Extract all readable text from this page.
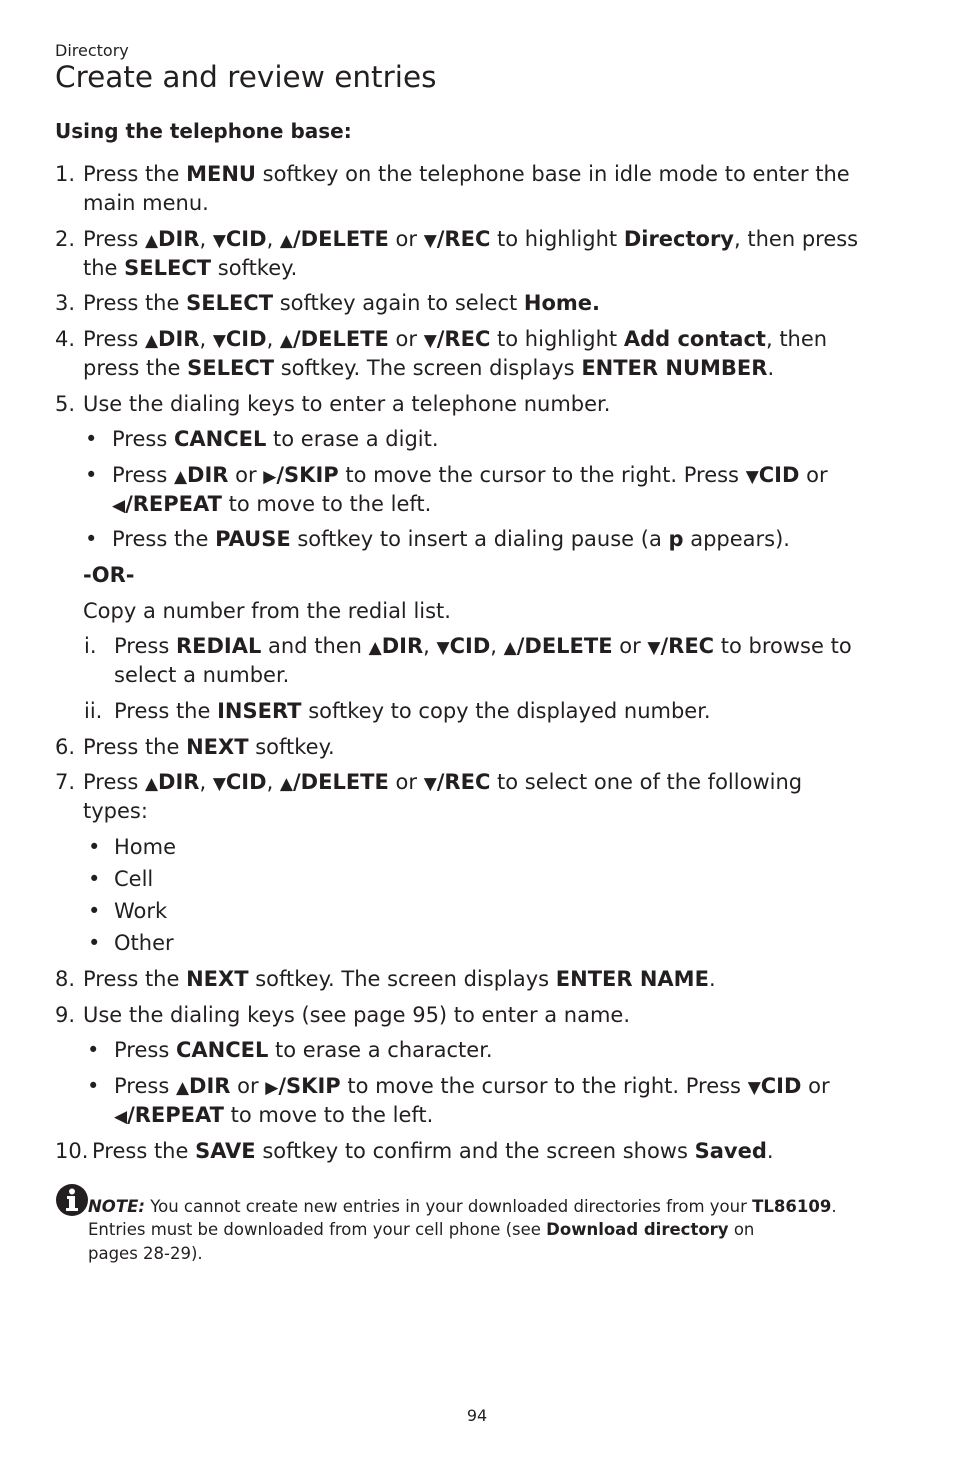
Directory
Create and review entries
Using the telephone base:
1. Press the MENU softkey on the telephone base in idle mode to enter the
main menu.
2. Press ▲DIR, ▼CID, ▲/DELETE or ▼/REC to highlight Directory, then press
the SELECT softkey.
3. Press the SELECT softkey again to select Home.
4. Press ▲DIR, ▼CID, ▲/DELETE or ▼/REC to highlight Add contact, then
press the SELECT softkey. The screen displays ENTER NUMBER.
5. Use the dialing keys to enter a telephone number.
• Press CANCEL to erase a digit.
• Press ▲DIR or ▶/SKIP to move the cursor to the right. Press ▼CID or
◀/REPEAT to move to the left.
• Press the PAUSE softkey to insert a dialing pause (a p appears).
-OR-
Copy a number from the redial list.
i. Press REDIAL and then ▲DIR, ▼CID, ▲/DELETE or ▼/REC to browse to
select a number.
ii. Press the INSERT softkey to copy the displayed number.
6. Press the NEXT softkey.
7. Press ▲DIR, ▼CID, ▲/DELETE or ▼/REC to select one of the following
types:
• Home
• Cell
• Work
• Other
8. Press the NEXT softkey. The screen displays ENTER NAME.
9. Use the dialing keys (see page 95) to enter a name.
• Press CANCEL to erase a character.
• Press ▲DIR or ▶/SKIP to move the cursor to the right. Press ▼CID or
◀/REPEAT to move to the left.
10. Press the SAVE softkey to confirm and the screen shows Saved.
NOTE: You cannot create new entries in your downloaded directories from your TL86109.
Entries must be downloaded from your cell phone (see Download directory on
pages 28-29).
94
